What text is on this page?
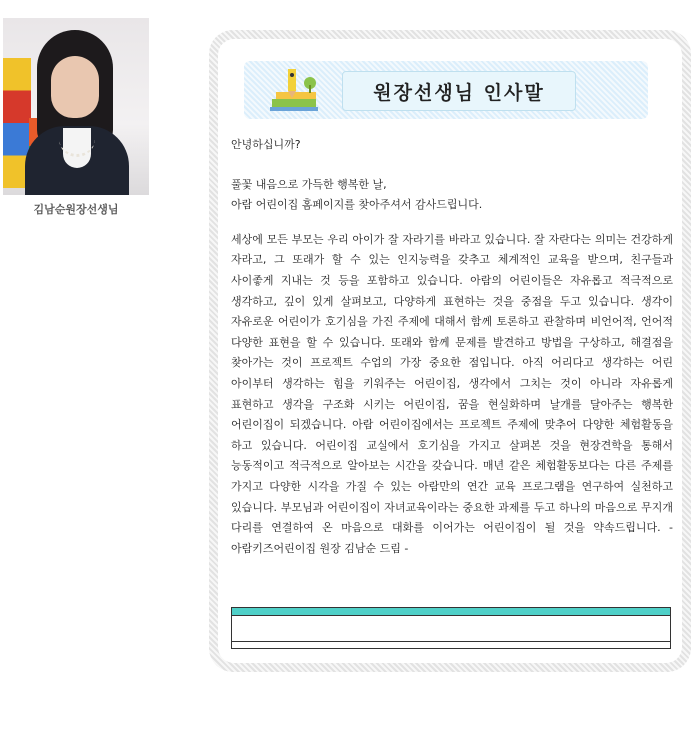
김남순원장선생님
원장선생님 인사말

안녕하십니까?

풀꽃 내음으로 가득한 행복한 날,

아람 어린이집 홈페이지를 찾아주셔서 감사드립니다.

세상에 모든 부모는 우리 아이가 잘 자라기를 바라고 있습니다. 잘 자란다는 의미는 건강하게 자라고, 그 또래가 할 수 있는 인지능력을 갖추고 체계적인 교육을 받으며, 친구들과 사이좋게 지내는 것 등을 포함하고 있습니다. 아람의 어린이들은 자유롭고 적극적으로 생각하고, 깊이 있게 살펴보고, 다양하게 표현하는 것을 중점을 두고 있습니다. 생각이 자유로운 어린이가 호기심을 가진 주제에 대해서 함께 토론하고 관찰하며 비언어적, 언어적 다양한 표현을 할 수 있습니다. 또래와 함께 문제를 발견하고 방법을 구상하고, 해결점을 찾아가는 것이 프로젝트 수업의 가장 중요한 점입니다. 아직 어리다고 생각하는 어린 아이부터 생각하는 힘을 키워주는 어린이집, 생각에서 그치는 것이 아니라 자유롭게 표현하고 생각을 구조화 시키는 어린이집, 꿈을 현실화하며 날개를 달아주는 행복한 어린이집이 되겠습니다. 아람 어린이집에서는 프로젝트 주제에 맞추어 다양한 체험활동을 하고 있습니다. 어린이집 교실에서 호기심을 가지고 살펴본 것을 현장견학을 통해서 능동적이고 적극적으로 알아보는 시간을 갖습니다. 매년 같은 체험활동보다는 다른 주제를 가지고 다양한 시각을 가질 수 있는 아람만의 연간 교육 프로그램을 연구하여 실천하고 있습니다. 부모님과 어린이집이 자녀교육이라는 중요한 과제를 두고 하나의 마음으로 무지개 다리를 연결하여 온 마음으로 대화를 이어가는 어린이집이 될 것을 약속드립니다. - 아람키즈어린이집 원장 김남순 드림 -
